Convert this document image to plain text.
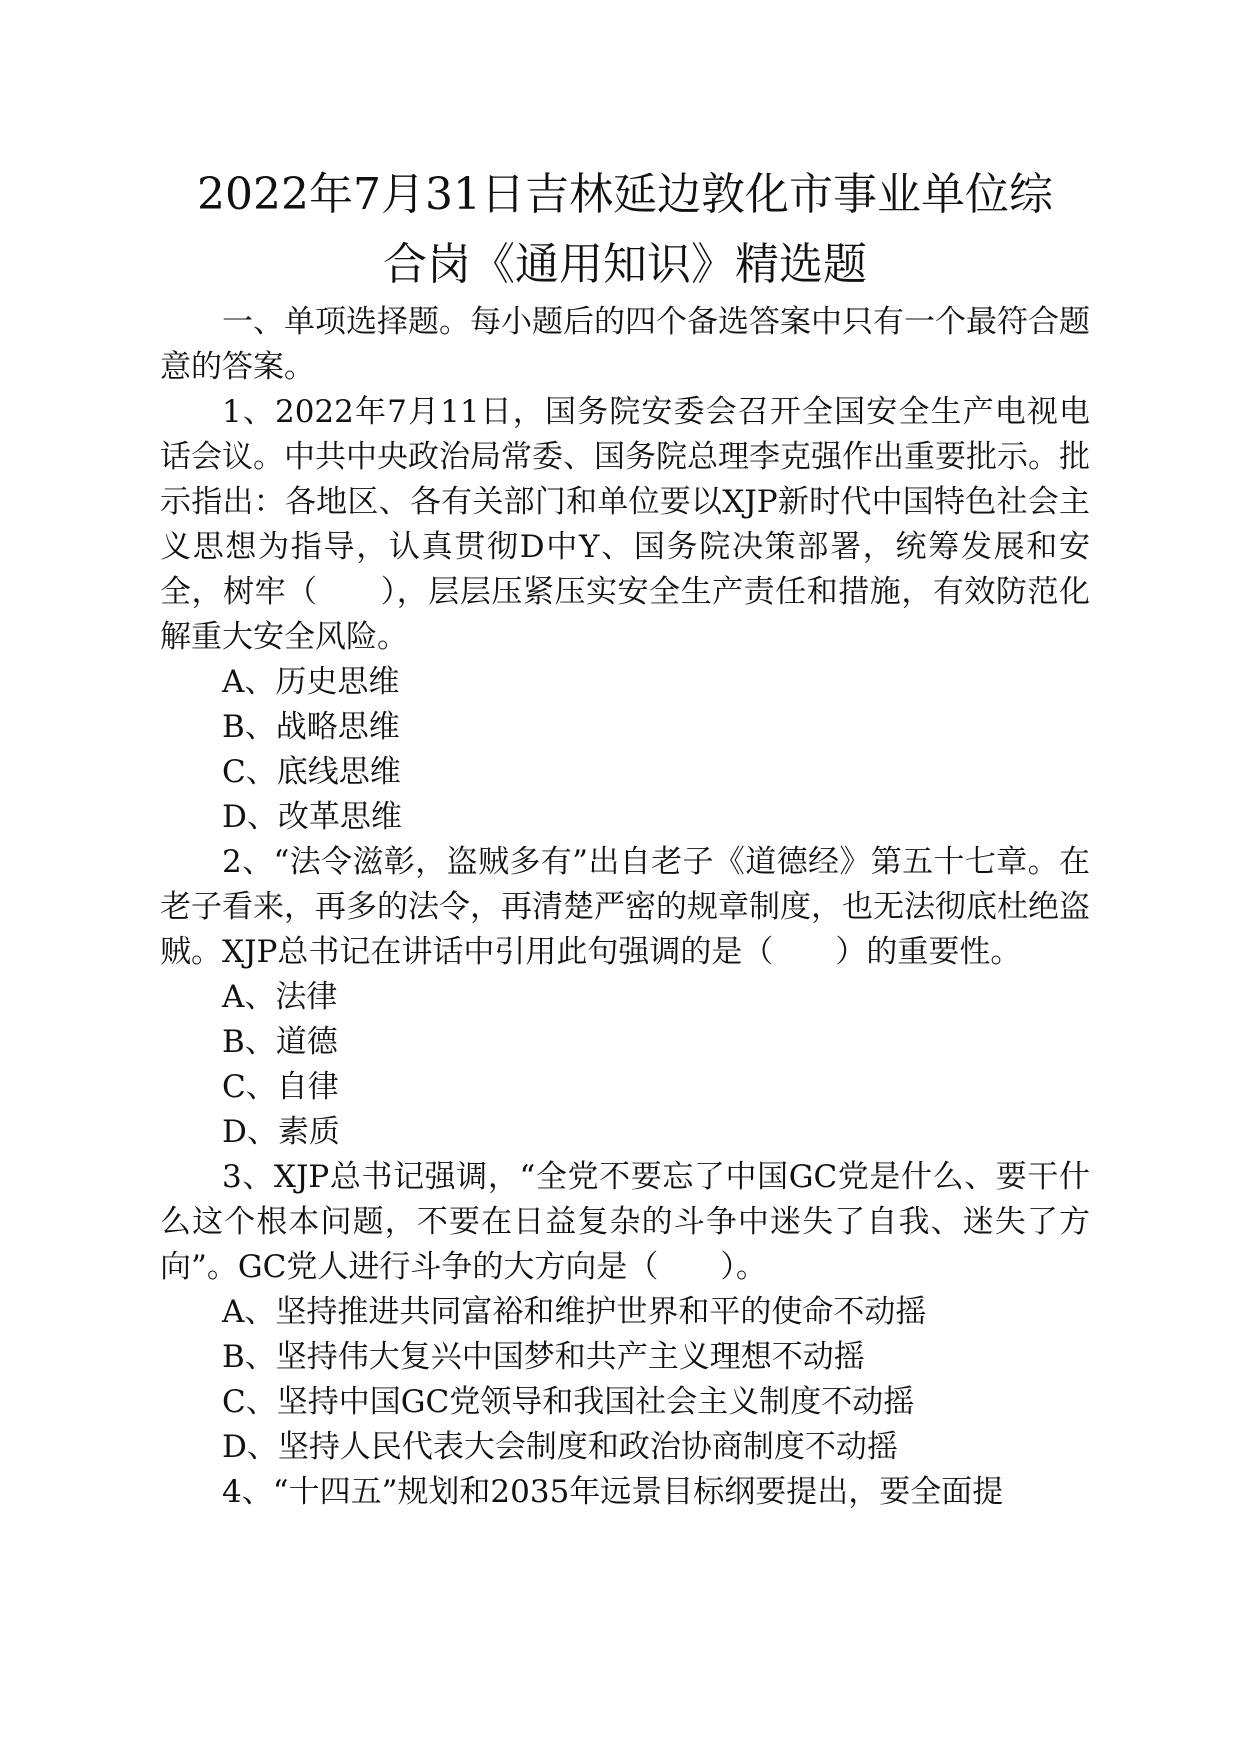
2022年7月31日吉林延边敦化市事业单位综
合岗《通用知识》精选题

一、单项选择题。每小题后的四个备选答案中只有一个最符合题意的答案。

1、2022年7月11日，国务院安委会召开全国安全生产电视电话会议。中共中央政治局常委、国务院总理李克强作出重要批示。批示指出：各地区、各有关部门和单位要以XJP新时代中国特色社会主义思想为指导，认真贯彻D中Y、国务院决策部署，统筹发展和安全，树牢（　　），层层压紧压实安全生产责任和措施，有效防范化解重大安全风险。

A、历史思维

B、战略思维

C、底线思维

D、改革思维

2、“法令滋彰，盗贼多有”出自老子《道德经》第五十七章。在老子看来，再多的法令，再清楚严密的规章制度，也无法彻底杜绝盗贼。XJP总书记在讲话中引用此句强调的是（　　）的重要性。

A、法律

B、道德

C、自律

D、素质

3、XJP总书记强调，“全党不要忘了中国GC党是什么、要干什么这个根本问题，不要在日益复杂的斗争中迷失了自我、迷失了方向”。GC党人进行斗争的大方向是（　　）。

A、坚持推进共同富裕和维护世界和平的使命不动摇

B、坚持伟大复兴中国梦和共产主义理想不动摇

C、坚持中国GC党领导和我国社会主义制度不动摇

D、坚持人民代表大会制度和政治协商制度不动摇

4、“十四五”规划和2035年远景目标纲要提出，要全面提
